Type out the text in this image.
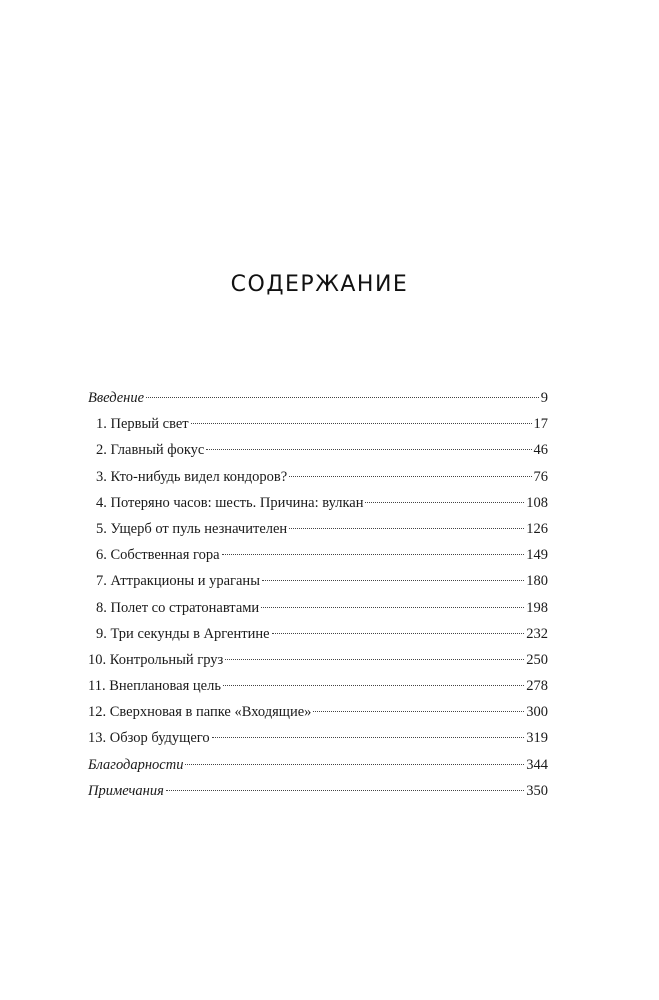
СОДЕРЖАНИЕ
Введение	9
1. Первый свет	17
2. Главный фокус	46
3. Кто-нибудь видел кондоров?	76
4. Потеряно часов: шесть. Причина: вулкан	108
5. Ущерб от пуль незначителен	126
6. Собственная гора	149
7. Аттракционы и ураганы	180
8. Полет со стратонавтами	198
9. Три секунды в Аргентине	232
10. Контрольный груз	250
11. Внеплановая цель	278
12. Сверхновая в папке «Входящие»	300
13. Обзор будущего	319
Благодарности	344
Примечания	350
